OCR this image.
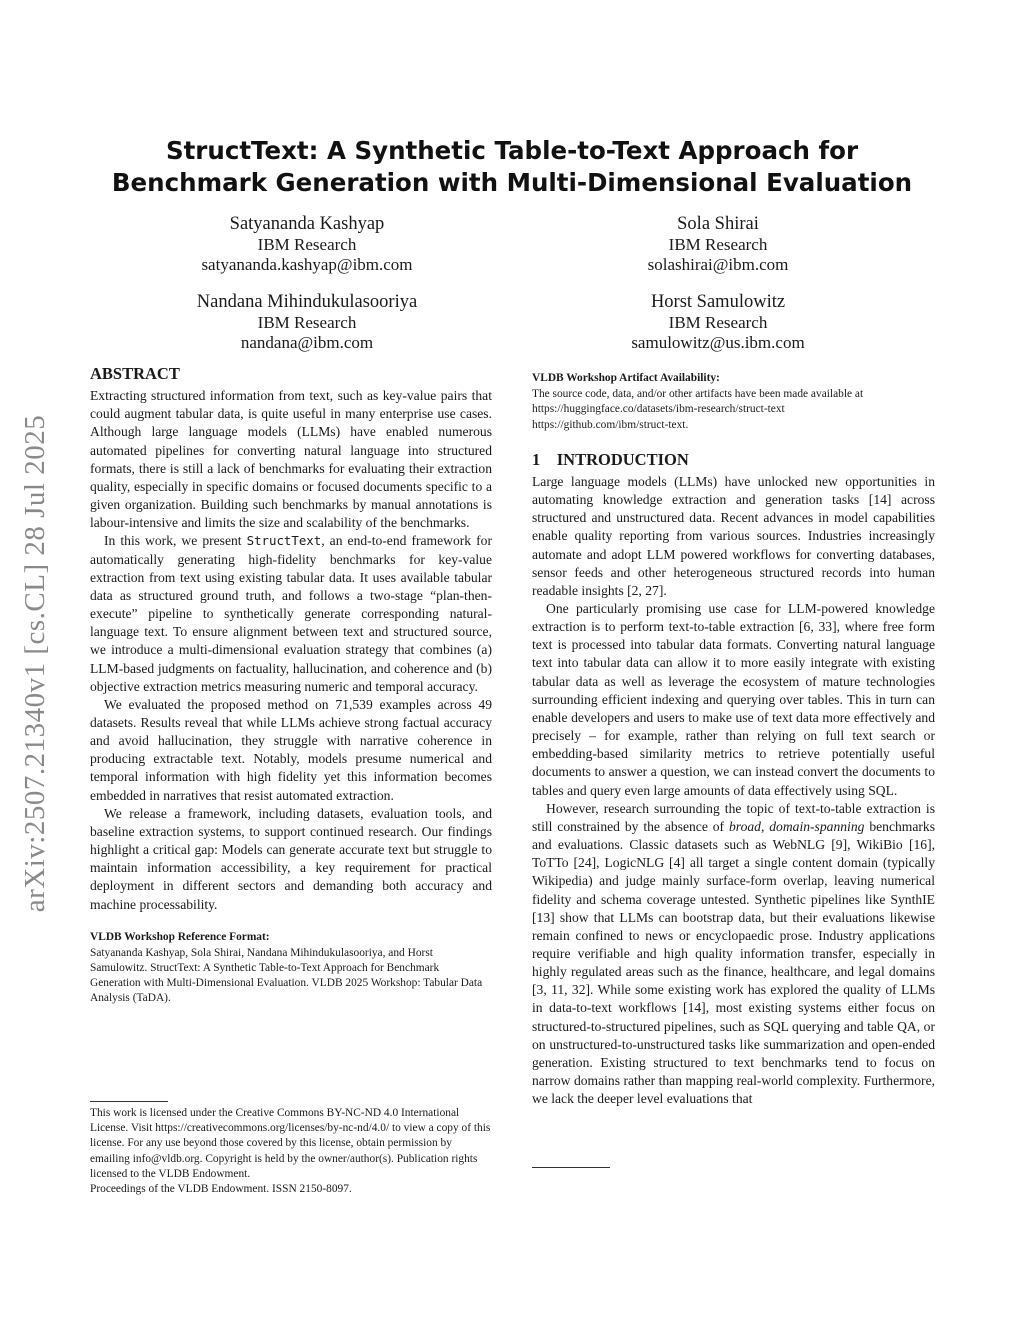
arXiv:2507.21340v1 [cs.CL] 28 Jul 2025
StructText: A Synthetic Table-to-Text Approach for
Benchmark Generation with Multi-Dimensional Evaluation
Satyananda Kashyap
IBM Research
satyananda.kashyap@ibm.com
Sola Shirai
IBM Research
solashirai@ibm.com
Nandana Mihindukulasooriya
IBM Research
nandana@ibm.com
Horst Samulowitz
IBM Research
samulowitz@us.ibm.com
ABSTRACT

Extracting structured information from text, such as key-value pairs that could augment tabular data, is quite useful in many enterprise use cases. Although large language models (LLMs) have enabled numerous automated pipelines for converting natural language into structured formats, there is still a lack of benchmarks for evaluating their extraction quality, especially in specific domains or focused documents specific to a given organization. Building such benchmarks by manual annotations is labour-intensive and limits the size and scalability of the benchmarks.

In this work, we present StructText, an end-to-end framework for automatically generating high-fidelity benchmarks for key-value extraction from text using existing tabular data. It uses available tabular data as structured ground truth, and follows a two-stage “plan-then-execute” pipeline to synthetically generate corresponding natural-language text. To ensure alignment between text and structured source, we introduce a multi-dimensional evaluation strategy that combines (a) LLM-based judgments on factuality, hallucination, and coherence and (b) objective extraction metrics measuring numeric and temporal accuracy.

We evaluated the proposed method on 71,539 examples across 49 datasets. Results reveal that while LLMs achieve strong factual accuracy and avoid hallucination, they struggle with narrative coherence in producing extractable text. Notably, models presume numerical and temporal information with high fidelity yet this information becomes embedded in narratives that resist automated extraction.

We release a framework, including datasets, evaluation tools, and baseline extraction systems, to support continued research. Our findings highlight a critical gap: Models can generate accurate text but struggle to maintain information accessibility, a key requirement for practical deployment in different sectors and demanding both accuracy and machine processability.

VLDB Workshop Reference Format:
Satyananda Kashyap, Sola Shirai, Nandana Mihindukulasooriya, and Horst Samulowitz. StructText: A Synthetic Table-to-Text Approach for Benchmark Generation with Multi-Dimensional Evaluation. VLDB 2025 Workshop: Tabular Data Analysis (TaDA).
This work is licensed under the Creative Commons BY-NC-ND 4.0 International License. Visit https://creativecommons.org/licenses/by-nc-nd/4.0/ to view a copy of this license. For any use beyond those covered by this license, obtain permission by emailing info@vldb.org. Copyright is held by the owner/author(s). Publication rights licensed to the VLDB Endowment.
Proceedings of the VLDB Endowment. ISSN 2150-8097.
VLDB Workshop Artifact Availability:
The source code, data, and/or other artifacts have been made available at
https://huggingface.co/datasets/ibm-research/struct-text
https://github.com/ibm/struct-text.
1    INTRODUCTION

Large language models (LLMs) have unlocked new opportunities in automating knowledge extraction and generation tasks [14] across structured and unstructured data. Recent advances in model capabilities enable quality reporting from various sources. Industries increasingly automate and adopt LLM powered workflows for converting databases, sensor feeds and other heterogeneous structured records into human readable insights [2, 27].

One particularly promising use case for LLM-powered knowledge extraction is to perform text-to-table extraction [6, 33], where free form text is processed into tabular data formats. Converting natural language text into tabular data can allow it to more easily integrate with existing tabular data as well as leverage the ecosystem of mature technologies surrounding efficient indexing and querying over tables. This in turn can enable developers and users to make use of text data more effectively and precisely – for example, rather than relying on full text search or embedding-based similarity metrics to retrieve potentially useful documents to answer a question, we can instead convert the documents to tables and query even large amounts of data effectively using SQL.

However, research surrounding the topic of text-to-table extraction is still constrained by the absence of broad, domain-spanning benchmarks and evaluations. Classic datasets such as WebNLG [9], WikiBio [16], ToTTo [24], LogicNLG [4] all target a single content domain (typically Wikipedia) and judge mainly surface-form overlap, leaving numerical fidelity and schema coverage untested. Synthetic pipelines like SynthIE [13] show that LLMs can bootstrap data, but their evaluations likewise remain confined to news or encyclopaedic prose. Industry applications require verifiable and high quality information transfer, especially in highly regulated areas such as the finance, healthcare, and legal domains [3, 11, 32]. While some existing work has explored the quality of LLMs in data-to-text workflows [14], most existing systems either focus on structured-to-structured pipelines, such as SQL querying and table QA, or on unstructured-to-unstructured tasks like summarization and open-ended generation. Existing structured to text benchmarks tend to focus on narrow domains rather than mapping real-world complexity. Furthermore, we lack the deeper level evaluations that
